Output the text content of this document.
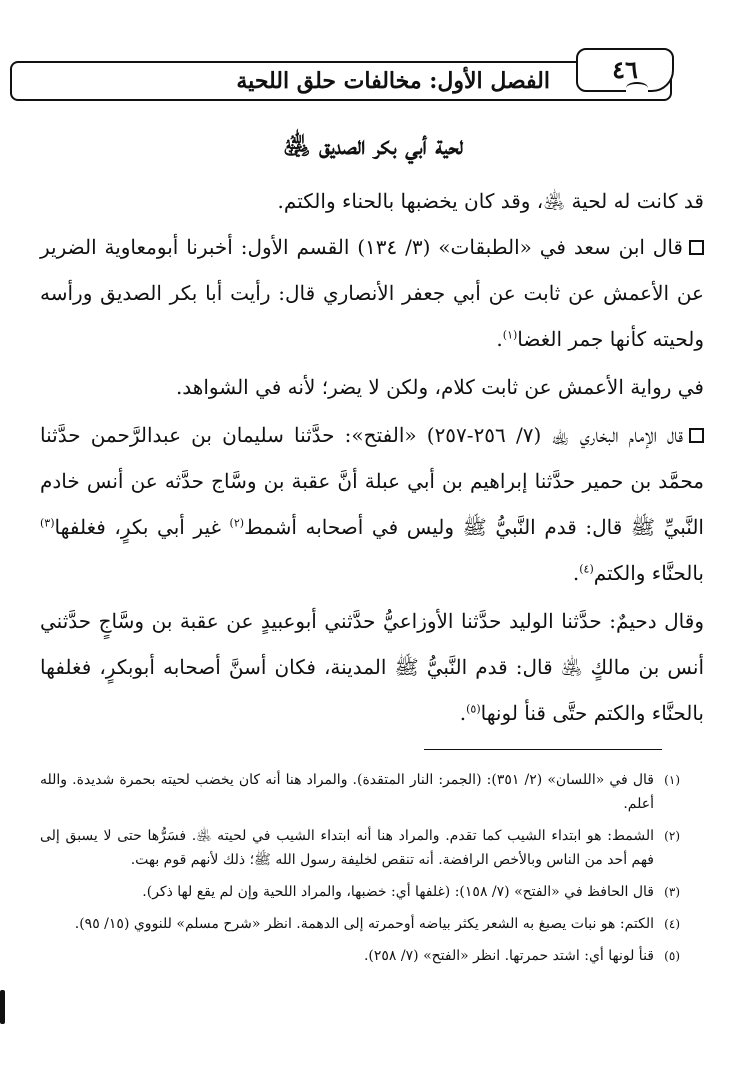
الفصل الأول: مخالفات حلق اللحية	٤٦
لحية أبي بكر الصديق ﵁
قد كانت له لحية ﵁، وقد كان يخضبها بالحناء والكتم.
قال ابن سعد في «الطبقات» (٣/ ١٣٤) القسم الأول: أخبرنا أبومعاوية الضرير عن الأعمش عن ثابت عن أبي جعفر الأنصاري قال: رأيت أبا بكر الصديق ورأسه ولحيته كأنها جمر الغضا$^{(١)}$.
في رواية الأعمش عن ثابت كلام، ولكن لا يضر؛ لأنه في الشواهد.
قال الإمام البخاري ﵀ (٧/ ٢٥٦-٢٥٧) «الفتح»: حدَّثنا سليمان بن عبدالرَّحمن حدَّثنا محمَّد بن حمير حدَّثنا إبراهيم بن أبي عبلة أنَّ عقبة بن وسَّاج حدَّثه عن أنس خادم النَّبيِّ ﷺ قال: قدم النَّبيُّ ﷺ وليس في أصحابه أشمط$^{(٢)}$ غير أبي بكرٍ، فغلفها$^{(٣)}$ بالحنَّاء والكتم$^{(٤)}$.
وقال دحيمٌ: حدَّثنا الوليد حدَّثنا الأوزاعيُّ حدَّثني أبوعبيدٍ عن عقبة بن وسَّاجٍ حدَّثني أنس بن مالكٍ ﵁ قال: قدم النَّبيُّ ﷺ المدينة، فكان أسنَّ أصحابه أبوبكرٍ، فغلفها بالحنَّاء والكتم حتَّى قنأ لونها$^{(٥)}$.
(١)
قال في «اللسان» (٢/ ٣٥١): (الجمر: النار المتقدة). والمراد هنا أنه كان يخضب لحيته بحمرة شديدة. والله أعلم.
(٢)
الشمط: هو ابتداء الشيب كما تقدم. والمراد هنا أنه ابتداء الشيب في لحيته ﵁. فسَرُّها حتى لا يسبق إلى فهم أحد من الناس وبالأخص الرافضة. أنه تنقص لخليفة رسول الله ﷺ؛ ذلك لأنهم قوم بهت.
(٣)
قال الحافظ في «الفتح» (٧/ ١٥٨): (غلفها أي: خضبها، والمراد اللحية وإن لم يقع لها ذكر).
(٤)
الكتم: هو نبات يصبغ به الشعر يكثر بياضه أوحمرته إلى الدهمة. انظر «شرح مسلم» للنووي (١٥/ ٩٥).
(٥)
قنأ لونها أي: اشتد حمرتها. انظر «الفتح» (٧/ ٢٥٨).
